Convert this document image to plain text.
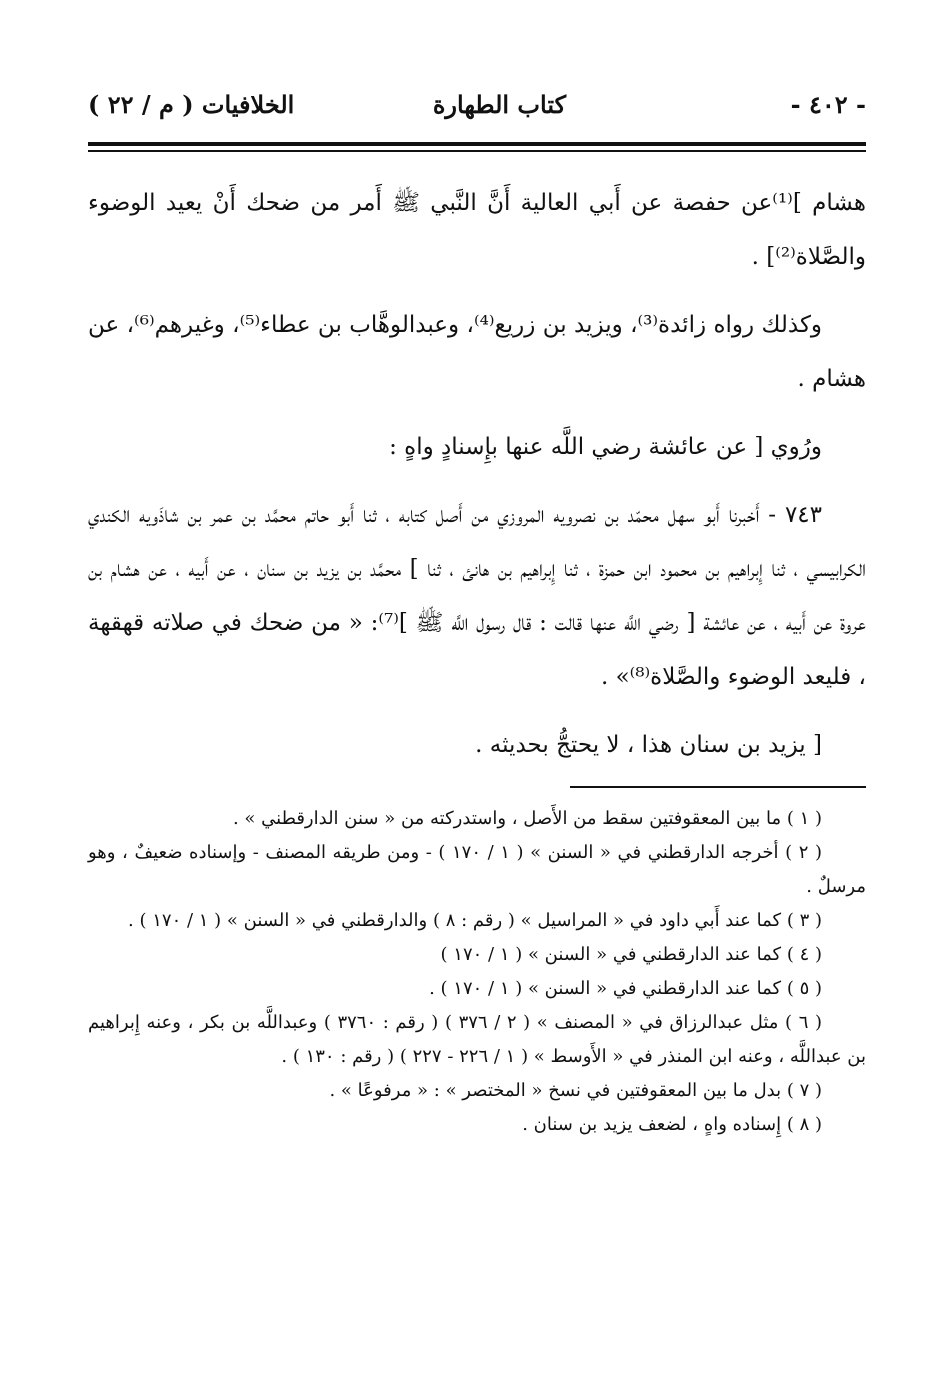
- ٤٠٢ -
كتاب الطهارة
الخلافيات ( م / ٢٢ )

هشام ]⁽¹⁾عن حفصة عن أَبي العالية أَنَّ النَّبي ﷺ أَمر من ضحك أَنْ يعيد الوضوء والصَّلاة⁽²⁾] .

وكذلك رواه زائدة⁽³⁾، ويزيد بن زريع⁽⁴⁾، وعبدالوهَّاب بن عطاء⁽⁵⁾، وغيرهم⁽⁶⁾، عن هشام .

ورُوي [ عن عائشة رضي اللَّه عنها بإِسنادٍ واهٍ :

٧٤٣ - أَخبرنا أَبو سهل محمّد بن نصرويه المروزي من أَصل كتابه ، ثنا أَبو حاتم محمَّد بن عمر بن شاذَويه الكندي الكرابيسي ، ثنا إِبراهيم بن محمود ابن حمزة ، ثنا إِبراهيم بن هانئ ، ثنا ] محمَّد بن يزيد بن سنان ، عن أَبيه ، عن هشام بن عروة عن أَبيه ، عن عائشة [ رضي اللَّه عنها قالت : قال رسول اللَّه ﷺ ]⁽⁷⁾: « من ضحك في صلاته قهقهة ، فليعد الوضوء والصَّلاة⁽⁸⁾» .

[ يزيد بن سنان هذا ، لا يحتجُّ بحديثه .

( ١ ) ما بين المعقوفتين سقط من الأَصل ، واستدركته من « سنن الدارقطني » .

( ٢ ) أخرجه الدارقطني في « السنن » ( ١ / ١٧٠ ) - ومن طريقه المصنف - وإسناده ضعيفٌ ، وهو مرسلٌ .

( ٣ ) كما عند أَبي داود في « المراسيل » ( رقم : ٨ ) والدارقطني في « السنن » ( ١ / ١٧٠ ) .

( ٤ ) كما عند الدارقطني في « السنن » ( ١ / ١٧٠ )

( ٥ ) كما عند الدارقطني في « السنن » ( ١ / ١٧٠ ) .

( ٦ ) مثل عبدالرزاق في « المصنف » ( ٢ / ٣٧٦ ) ( رقم : ٣٧٦٠ ) وعبداللَّه بن بكر ، وعنه إِبراهيم بن عبداللَّه ، وعنه ابن المنذر في « الأَوسط » ( ١ / ٢٢٦ - ٢٢٧ ) ( رقم : ١٣٠ ) .

( ٧ ) بدل ما بين المعقوفتين في نسخ « المختصر » : « مرفوعًا » .

( ٨ ) إِسناده واهٍ ، لضعف يزيد بن سنان .
